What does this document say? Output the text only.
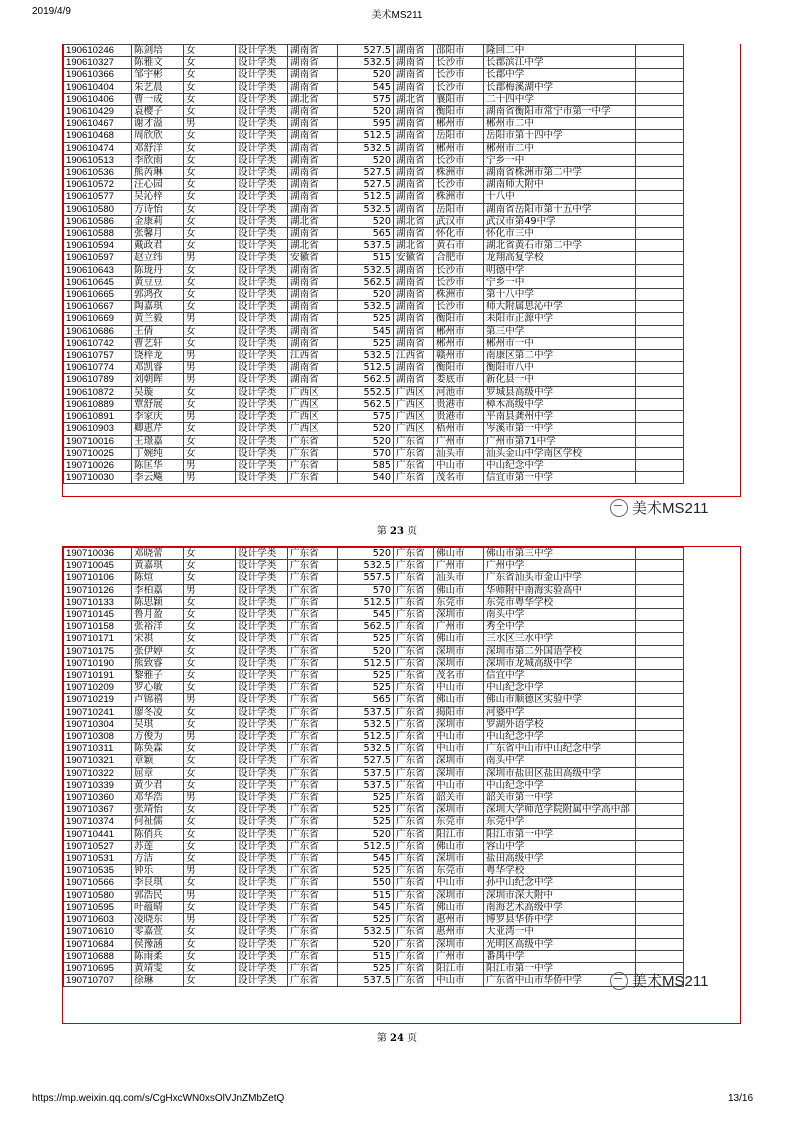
2019/4/9	美术MS211
190610246	陈剑培	女	设计学类	湖南省	527.5	湖南省	邵阳市	隆回二中	
190610327	陈雅文	女	设计学类	湖南省	532.5	湖南省	长沙市	长郡滨江中学	
190610366	邹宇彬	女	设计学类	湖南省	520	湖南省	长沙市	长郡中学	
190610404	朱艺晨	女	设计学类	湖南省	545	湖南省	长沙市	长郡梅溪湖中学	
190610406	曹一成	女	设计学类	湖北省	575	湖北省	襄阳市	二十四中学	
190610429	袁樱子	女	设计学类	湖南省	520	湖南省	衡阳市	湖南省衡阳市常宁市第一中学	
190610467	谢才溢	男	设计学类	湖南省	595	湖南省	郴州市	郴州市二中	
190610468	周欣欣	女	设计学类	湖南省	512.5	湖南省	岳阳市	岳阳市第十四中学	
190610474	邓舒洋	女	设计学类	湖南省	532.5	湖南省	郴州市	郴州市二中	
190610513	李欣雨	女	设计学类	湖南省	520	湖南省	长沙市	宁乡一中	
190610536	熊芮琳	女	设计学类	湖南省	527.5	湖南省	株洲市	湖南省株洲市第二中学	
190610572	汪心园	女	设计学类	湖南省	527.5	湖南省	长沙市	湖南师大附中	
190610577	吴沁梓	女	设计学类	湖南省	512.5	湖南省	株洲市	十八中	
190610580	方诗怡	女	设计学类	湖南省	532.5	湖南省	岳阳市	湖南省岳阳市第十五中学	
190610586	金康莉	女	设计学类	湖北省	520	湖北省	武汉市	武汉市第49中学	
190610588	张馨月	女	设计学类	湖南省	565	湖南省	怀化市	怀化市三中	
190610594	戴政君	女	设计学类	湖北省	537.5	湖北省	黄石市	湖北省黄石市第二中学	
190610597	赵立纬	男	设计学类	安徽省	515	安徽省	合肥市	龙翔高复学校	
190610643	陈珑丹	女	设计学类	湖南省	532.5	湖南省	长沙市	明德中学	
190610645	黄豆豆	女	设计学类	湖南省	562.5	湖南省	长沙市	宁乡一中	
190610665	郭鸿孜	女	设计学类	湖南省	520	湖南省	株洲市	第十八中学	
190610667	陶嘉琪	女	设计学类	湖南省	532.5	湖南省	长沙市	师大附属思沁中学	
190610669	黄兰毅	男	设计学类	湖南省	525	湖南省	衡阳市	耒阳市正源中学	
190610686	王倩	女	设计学类	湖南省	545	湖南省	郴州市	第三中学	
190610742	曹艺轩	女	设计学类	湖南省	525	湖南省	郴州市	郴州市一中	
190610757	饶梓龙	男	设计学类	江西省	532.5	江西省	赣州市	南康区第二中学	
190610774	邓凯睿	男	设计学类	湖南省	512.5	湖南省	衡阳市	衡阳市八中	
190610789	刘朝晖	男	设计学类	湖南省	562.5	湖南省	娄底市	新化县一中	
190610872	吴璇	女	设计学类	广西区	552.5	广西区	河池市	罗城县高级中学	
190610889	覃舒展	女	设计学类	广西区	562.5	广西区	贵港市	樟木高级中学	
190610891	李家庆	男	设计学类	广西区	575	广西区	贵港市	平南县龚州中学	
190610903	卿惠芹	女	设计学类	广西区	520	广西区	梧州市	岑溪市第一中学	
190710016	王璟嘉	女	设计学类	广东省	520	广东省	广州市	广州市第71中学	
190710025	丁婉纯	女	设计学类	广东省	570	广东省	汕头市	汕头金山中学南区学校	
190710026	陈匡华	男	设计学类	广东省	585	广东省	中山市	中山纪念中学	
190710030	李云飚	男	设计学类	广东省	540	广东省	茂名市	信宜市第一中学	
美术MS211
第 23 页
190710036	邓晓蕾	女	设计学类	广东省	520	广东省	佛山市	佛山市第三中学	
190710045	黄嘉琪	女	设计学类	广东省	532.5	广东省	广州市	广州中学	
190710106	陈煊	女	设计学类	广东省	557.5	广东省	汕头市	广东省汕头市金山中学	
190710126	李柏嘉	男	设计学类	广东省	570	广东省	佛山市	华师附中南海实验高中	
190710133	陈思颖	女	设计学类	广东省	512.5	广东省	东莞市	东莞市粤华学校	
190710145	鲁月盈	女	设计学类	广东省	545	广东省	深圳市	南头中学	
190710158	张裕洋	女	设计学类	广东省	562.5	广东省	广州市	秀全中学	
190710171	宋祺	女	设计学类	广东省	525	广东省	佛山市	三水区三水中学	
190710175	张伊婷	女	设计学类	广东省	520	广东省	深圳市	深圳市第二外国语学校	
190710190	熊致睿	女	设计学类	广东省	512.5	广东省	深圳市	深圳市龙城高级中学	
190710191	黎雅子	女	设计学类	广东省	525	广东省	茂名市	信宜中学	
190710209	罗心敏	女	设计学类	广东省	525	广东省	中山市	中山纪念中学	
190710219	卢锦禧	男	设计学类	广东省	565	广东省	佛山市	佛山市顺德区实验中学	
190710241	廖冬凌	女	设计学类	广东省	537.5	广东省	揭阳市	河婆中学	
190710304	吴琪	女	设计学类	广东省	532.5	广东省	深圳市	罗湖外语学校	
190710308	方俊为	男	设计学类	广东省	512.5	广东省	中山市	中山纪念中学	
190710311	陈奂霖	女	设计学类	广东省	532.5	广东省	中山市	广东省中山市中山纪念中学	
190710321	章颖	女	设计学类	广东省	527.5	广东省	深圳市	南头中学	
190710322	屈章	女	设计学类	广东省	537.5	广东省	深圳市	深圳市盐田区盐田高级中学	
190710339	黄少君	女	设计学类	广东省	537.5	广东省	中山市	中山纪念中学	
190710360	邓华浩	男	设计学类	广东省	525	广东省	韶关市	韶关市第一中学	
190710367	张靖怡	女	设计学类	广东省	525	广东省	深圳市	深圳大学师范学院附属中学高中部	
190710374	何祉儒	女	设计学类	广东省	525	广东省	东莞市	东莞中学	
190710441	陈俏兵	女	设计学类	广东省	520	广东省	阳江市	阳江市第一中学	
190710527	苏莲	女	设计学类	广东省	512.5	广东省	佛山市	容山中学	
190710531	方洁	女	设计学类	广东省	545	广东省	深圳市	盐田高级中学	
190710535	钟乐	男	设计学类	广东省	525	广东省	东莞市	粤华学校	
190710566	李艮琪	女	设计学类	广东省	550	广东省	中山市	孙中山纪念中学	
190710580	郭浩民	男	设计学类	广东省	515	广东省	深圳市	深圳市深大附中	
190710595	叶蕴晴	女	设计学类	广东省	545	广东省	佛山市	南海艺术高级中学	
190710603	凌晓东	男	设计学类	广东省	525	广东省	惠州市	博罗县华侨中学	
190710610	零嘉萱	女	设计学类	广东省	532.5	广东省	惠州市	大亚湾一中	
190710684	侯豫涵	女	设计学类	广东省	520	广东省	深圳市	光明区高级中学	
190710688	陈雨柔	女	设计学类	广东省	515	广东省	广州市	番禺中学	
190710695	黄靖雯	女	设计学类	广东省	525	广东省	阳江市	阳江市第一中学	
190710707	徐琳	女	设计学类	广东省	537.5	广东省	中山市	广东省中山市华侨中学		美术MS211
第 24 页
https://mp.weixin.qq.com/s/CgHxcWN0xsOlVJnZMbZetQ	13/16
